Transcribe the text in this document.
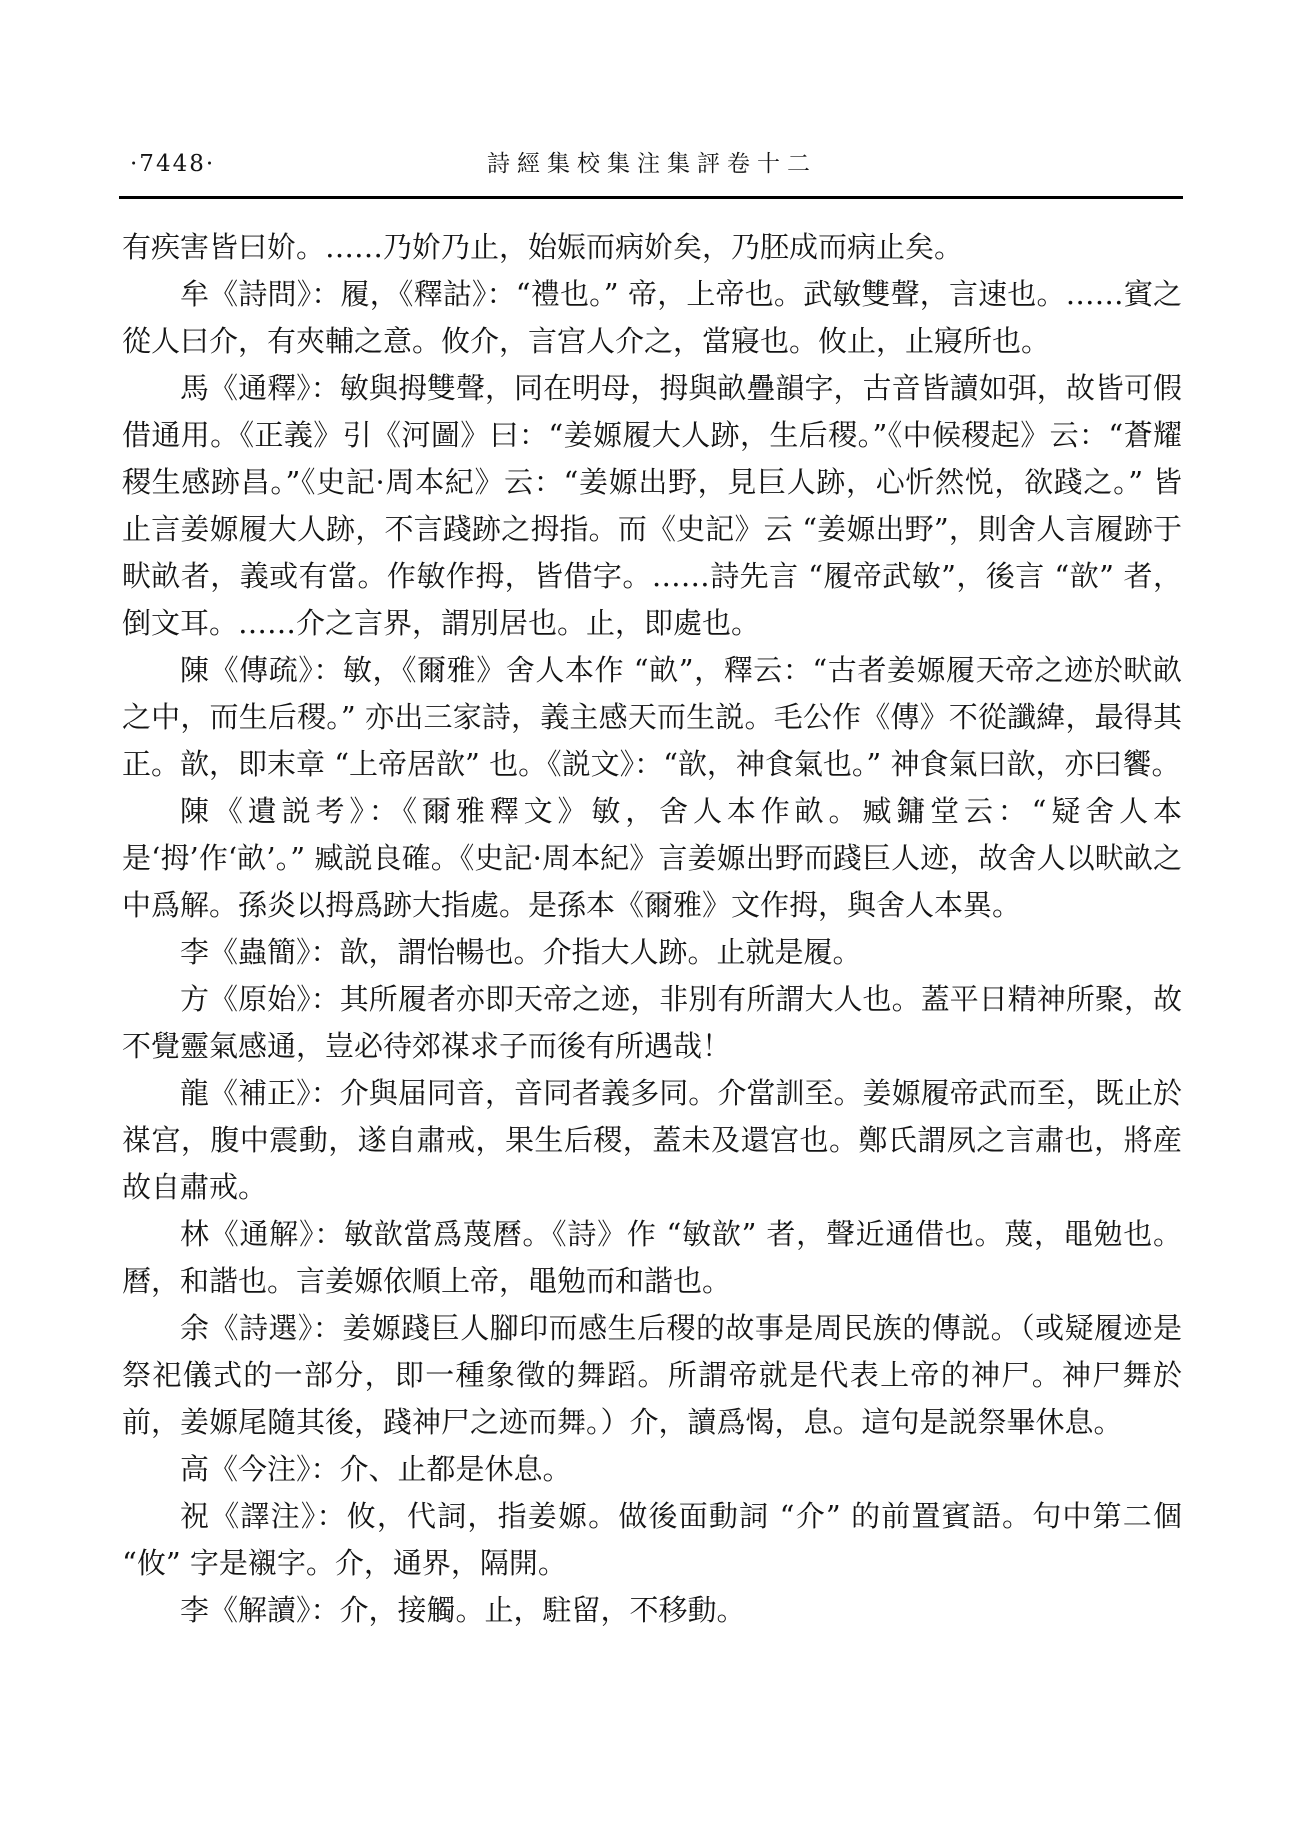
·7448·	詩經集校集注集評卷十二

有疾害皆曰妎。……乃妎乃止，始娠而病妎矣，乃胚成而病止矣。

牟《詩問》：履，《釋詁》：“禮也。” 帝，上帝也。武敏雙聲，言速也。……賓之從人曰介，有夾輔之意。攸介，言宫人介之，當寢也。攸止，止寢所也。

馬《通釋》：敏與拇雙聲，同在明母，拇與畝疊韻字，古音皆讀如弭，故皆可假借通用。《正義》引《河圖》曰：“姜嫄履大人跡，生后稷。”《中候稷起》云：“蒼耀稷生感跡昌。”《史記·周本紀》云：“姜嫄出野，見巨人跡，心忻然悦，欲踐之。” 皆止言姜嫄履大人跡，不言踐跡之拇指。而《史記》云 “姜嫄出野”，則舍人言履跡于畎畝者，義或有當。作敏作拇，皆借字。……詩先言 “履帝武敏”，後言 “歆” 者，倒文耳。……介之言界，謂別居也。止，即處也。

陳《傳疏》：敏，《爾雅》舍人本作 “畝”，釋云：“古者姜嫄履天帝之迹於畎畝之中，而生后稷。” 亦出三家詩，義主感天而生説。毛公作《傳》不從讖緯，最得其正。歆，即末章 “上帝居歆” 也。《説文》：“歆，神食氣也。” 神食氣曰歆，亦曰饗。

陳《遺説考》：《爾雅釋文》敏，舍人本作畝。臧鏞堂云：“疑舍人本是‘拇’作‘畝’。” 臧説良確。《史記·周本紀》言姜嫄出野而踐巨人迹，故舍人以畎畝之中爲解。孫炎以拇爲跡大指處。是孫本《爾雅》文作拇，與舍人本異。

李《蟲簡》：歆，謂怡暢也。介指大人跡。止就是履。

方《原始》：其所履者亦即天帝之迹，非別有所謂大人也。蓋平日精神所聚，故不覺靈氣感通，豈必待郊禖求子而後有所遇哉！

龍《補正》：介與届同音，音同者義多同。介當訓至。姜嫄履帝武而至，既止於禖宫，腹中震動，遂自肅戒，果生后稷，蓋未及還宫也。鄭氏謂夙之言肅也，將産故自肅戒。

林《通解》：敏歆當爲蔑曆。《詩》作 “敏歆” 者，聲近通借也。蔑，黽勉也。曆，和諧也。言姜嫄依順上帝，黽勉而和諧也。

余《詩選》：姜嫄踐巨人腳印而感生后稷的故事是周民族的傳説。（或疑履迹是祭祀儀式的一部分，即一種象徵的舞蹈。所謂帝就是代表上帝的神尸。神尸舞於前，姜嫄尾隨其後，踐神尸之迹而舞。）介，讀爲愒，息。這句是説祭畢休息。

高《今注》：介、止都是休息。

祝《譯注》：攸，代詞，指姜嫄。做後面動詞 “介” 的前置賓語。句中第二個 “攸” 字是襯字。介，通界，隔開。

李《解讀》：介，接觸。止，駐留，不移動。
